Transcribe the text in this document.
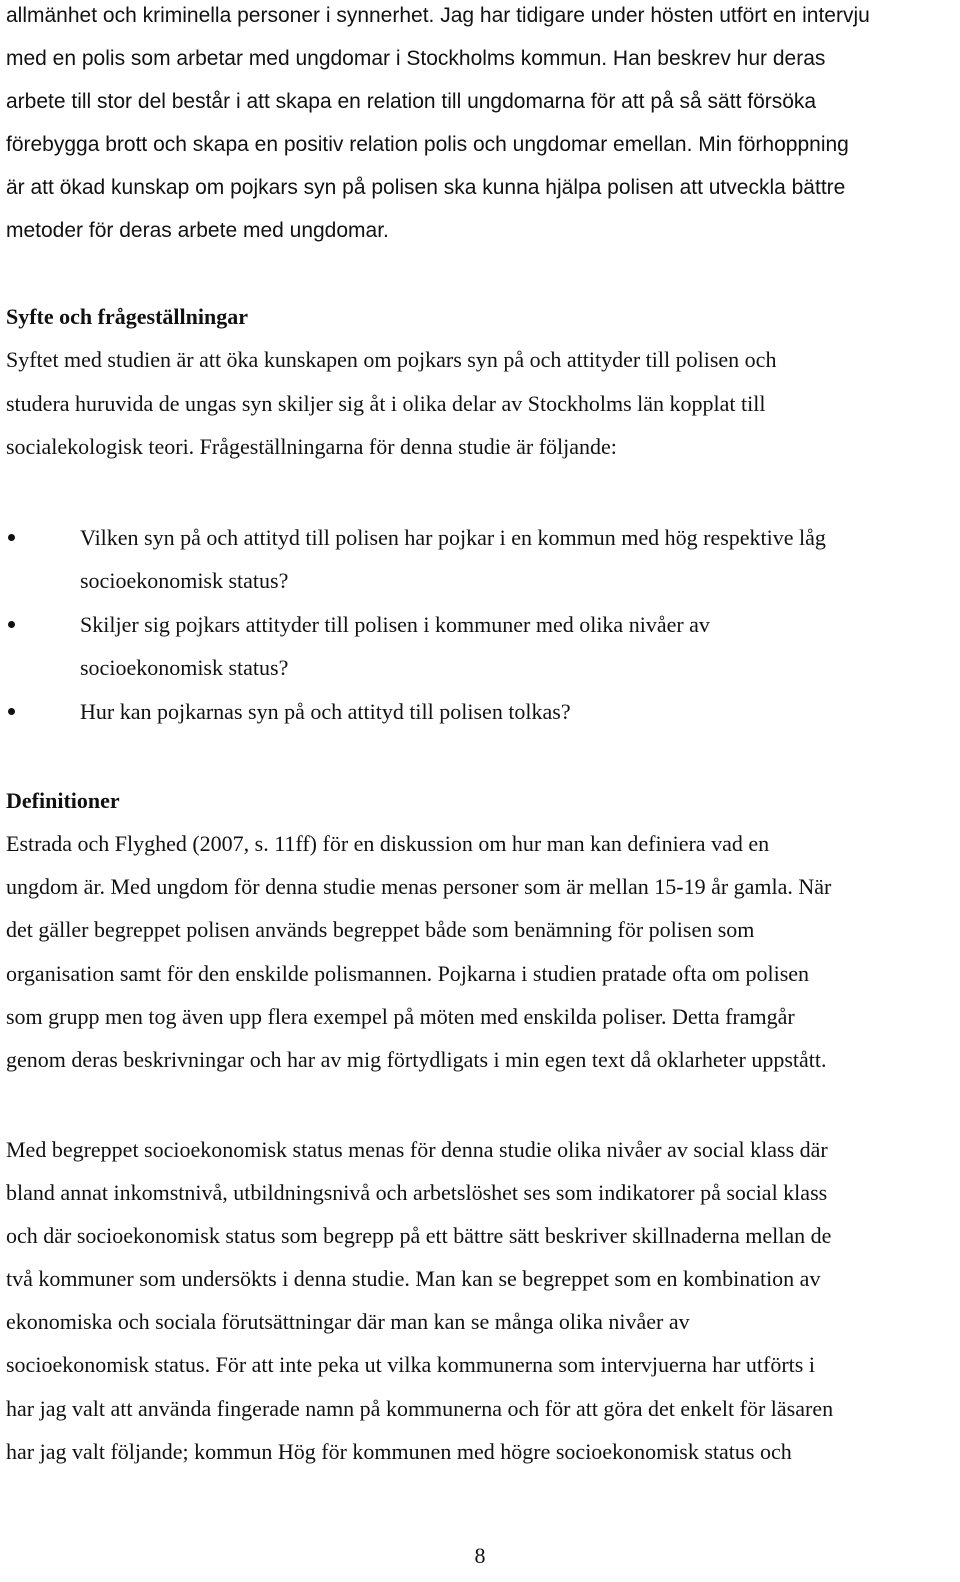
allmänhet och kriminella personer i synnerhet. Jag har tidigare under hösten utfört en intervju
med en polis som arbetar med ungdomar i Stockholms kommun. Han beskrev hur deras
arbete till stor del består i att skapa en relation till ungdomarna för att på så sätt försöka
förebygga brott och skapa en positiv relation polis och ungdomar emellan. Min förhoppning
är att ökad kunskap om pojkars syn på polisen ska kunna hjälpa polisen att utveckla bättre
metoder för deras arbete med ungdomar.
Syfte och frågeställningar
Syftet med studien är att öka kunskapen om pojkars syn på och attityder till polisen och
studera huruvida de ungas syn skiljer sig åt i olika delar av Stockholms län kopplat till
socialekologisk teori. Frågeställningarna för denna studie är följande:
Vilken syn på och attityd till polisen har pojkar i en kommun med hög respektive låg
socioekonomisk status?
Skiljer sig pojkars attityder till polisen i kommuner med olika nivåer av
socioekonomisk status?
Hur kan pojkarnas syn på och attityd till polisen tolkas?
Definitioner
Estrada och Flyghed (2007, s. 11ff) för en diskussion om hur man kan definiera vad en
ungdom är. Med ungdom för denna studie menas personer som är mellan 15-19 år gamla. När
det gäller begreppet polisen används begreppet både som benämning för polisen som
organisation samt för den enskilde polismannen. Pojkarna i studien pratade ofta om polisen
som grupp men tog även upp flera exempel på möten med enskilda poliser. Detta framgår
genom deras beskrivningar och har av mig förtydligats i min egen text då oklarheter uppstått.
Med begreppet socioekonomisk status menas för denna studie olika nivåer av social klass där
bland annat inkomstnivå, utbildningsnivå och arbetslöshet ses som indikatorer på social klass
och där socioekonomisk status som begrepp på ett bättre sätt beskriver skillnaderna mellan de
två kommuner som undersökts i denna studie. Man kan se begreppet som en kombination av
ekonomiska och sociala förutsättningar där man kan se många olika nivåer av
socioekonomisk status. För att inte peka ut vilka kommunerna som intervjuerna har utförts i
har jag valt att använda fingerade namn på kommunerna och för att göra det enkelt för läsaren
har jag valt följande; kommun Hög för kommunen med högre socioekonomisk status och
8
